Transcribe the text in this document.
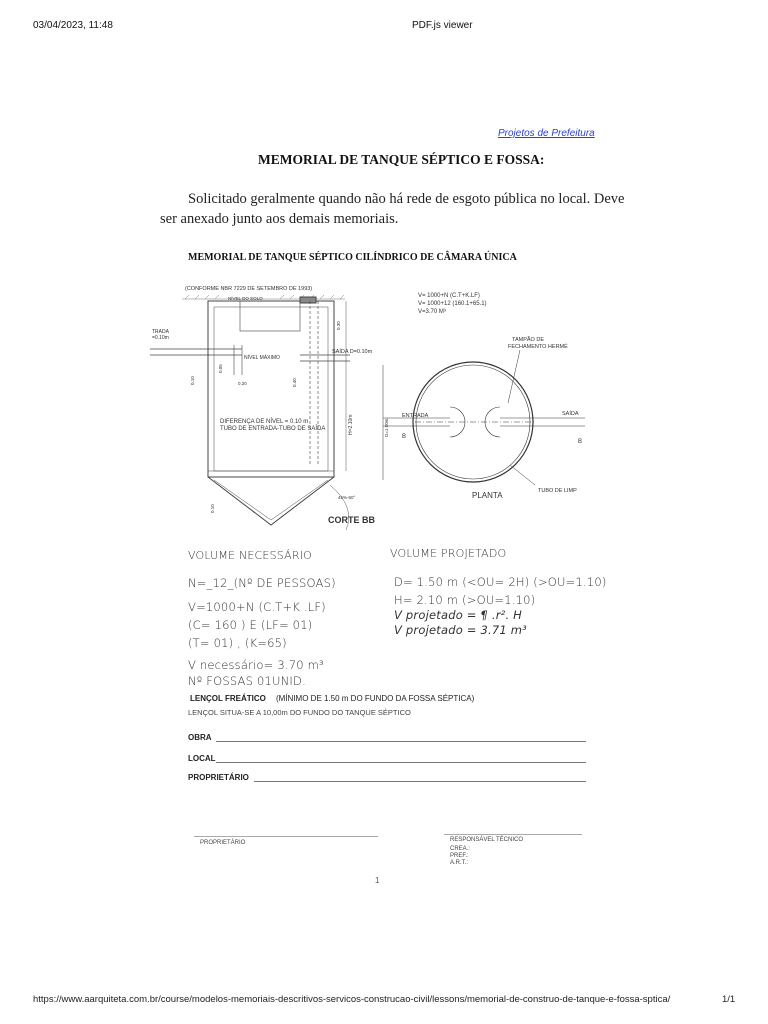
03/04/2023, 11:48	PDF.js viewer
https://www.aarquiteta.com.br/course/modelos-memoriais-descritivos-servicos-construcao-civil/lessons/memorial-de-construo-de-tanque-e-fossa-sptica/	1/1
Projetos de Prefeitura
MEMORIAL DE TANQUE SÉPTICO E FOSSA:
Solicitado geralmente quando não há rede de esgoto pública no local. Deve
ser anexado junto aos demais memoriais.
MEMORIAL DE TANQUE SÉPTICO CILÍNDRICO DE CÂMARA ÚNICA
(CONFORME NBR 7229 DE SETEMBRO DE 1993)
NÍVEL DO SOLO
TRADA
=0.10m
NÍVEL MÁXIMO
SAÍDA D=0.10m
0.30
0.10	0.20	0.40
0.05
DIFERENÇA DE NÍVEL = 0.10 m
TUBO DE ENTRADA-TUBO DE SAÍDA	H=2.10m
45%-60°
0.10
CORTE BB
V= 1000+N (C.T+K.LF)
V= 1000+12 (160.1+65.1)
V=3.70 M³
D=1.50m
TAMPÃO DE
FECHAMENTO HERMÉ
ENTRADA	SAÍDA
B
B
PLANTA	TUBO DE LIMP
VOLUME NECESSÁRIO	VOLUME PROJETADO
N=_12_(Nº DE PESSOAS)
V=1000+N (C.T+K .LF)
(C= 160 ) E (LF= 01)
(T= 01) , (K=65)
V necessário= 3.70 m³
Nº FOSSAS 01UNID.
D= 1.50 m (<OU= 2H) (>OU=1.10)
H= 2.10 m (>OU=1.10)
V projetado = ¶ .r². H
V projetado = 3.71 m³
LENÇOL FREÁTICO (MÍNIMO DE 1.50 m DO FUNDO DA FOSSA SÉPTICA)
LENÇOL SITUA-SE A 10,00m DO FUNDO DO TANQUE SÉPTICO
OBRA
LOCAL
PROPRIETÁRIO
PROPRIETÁRIO	RESPONSÁVEL TÉCNICO
CREA.:
PREF.:
A.R.T.:
1
